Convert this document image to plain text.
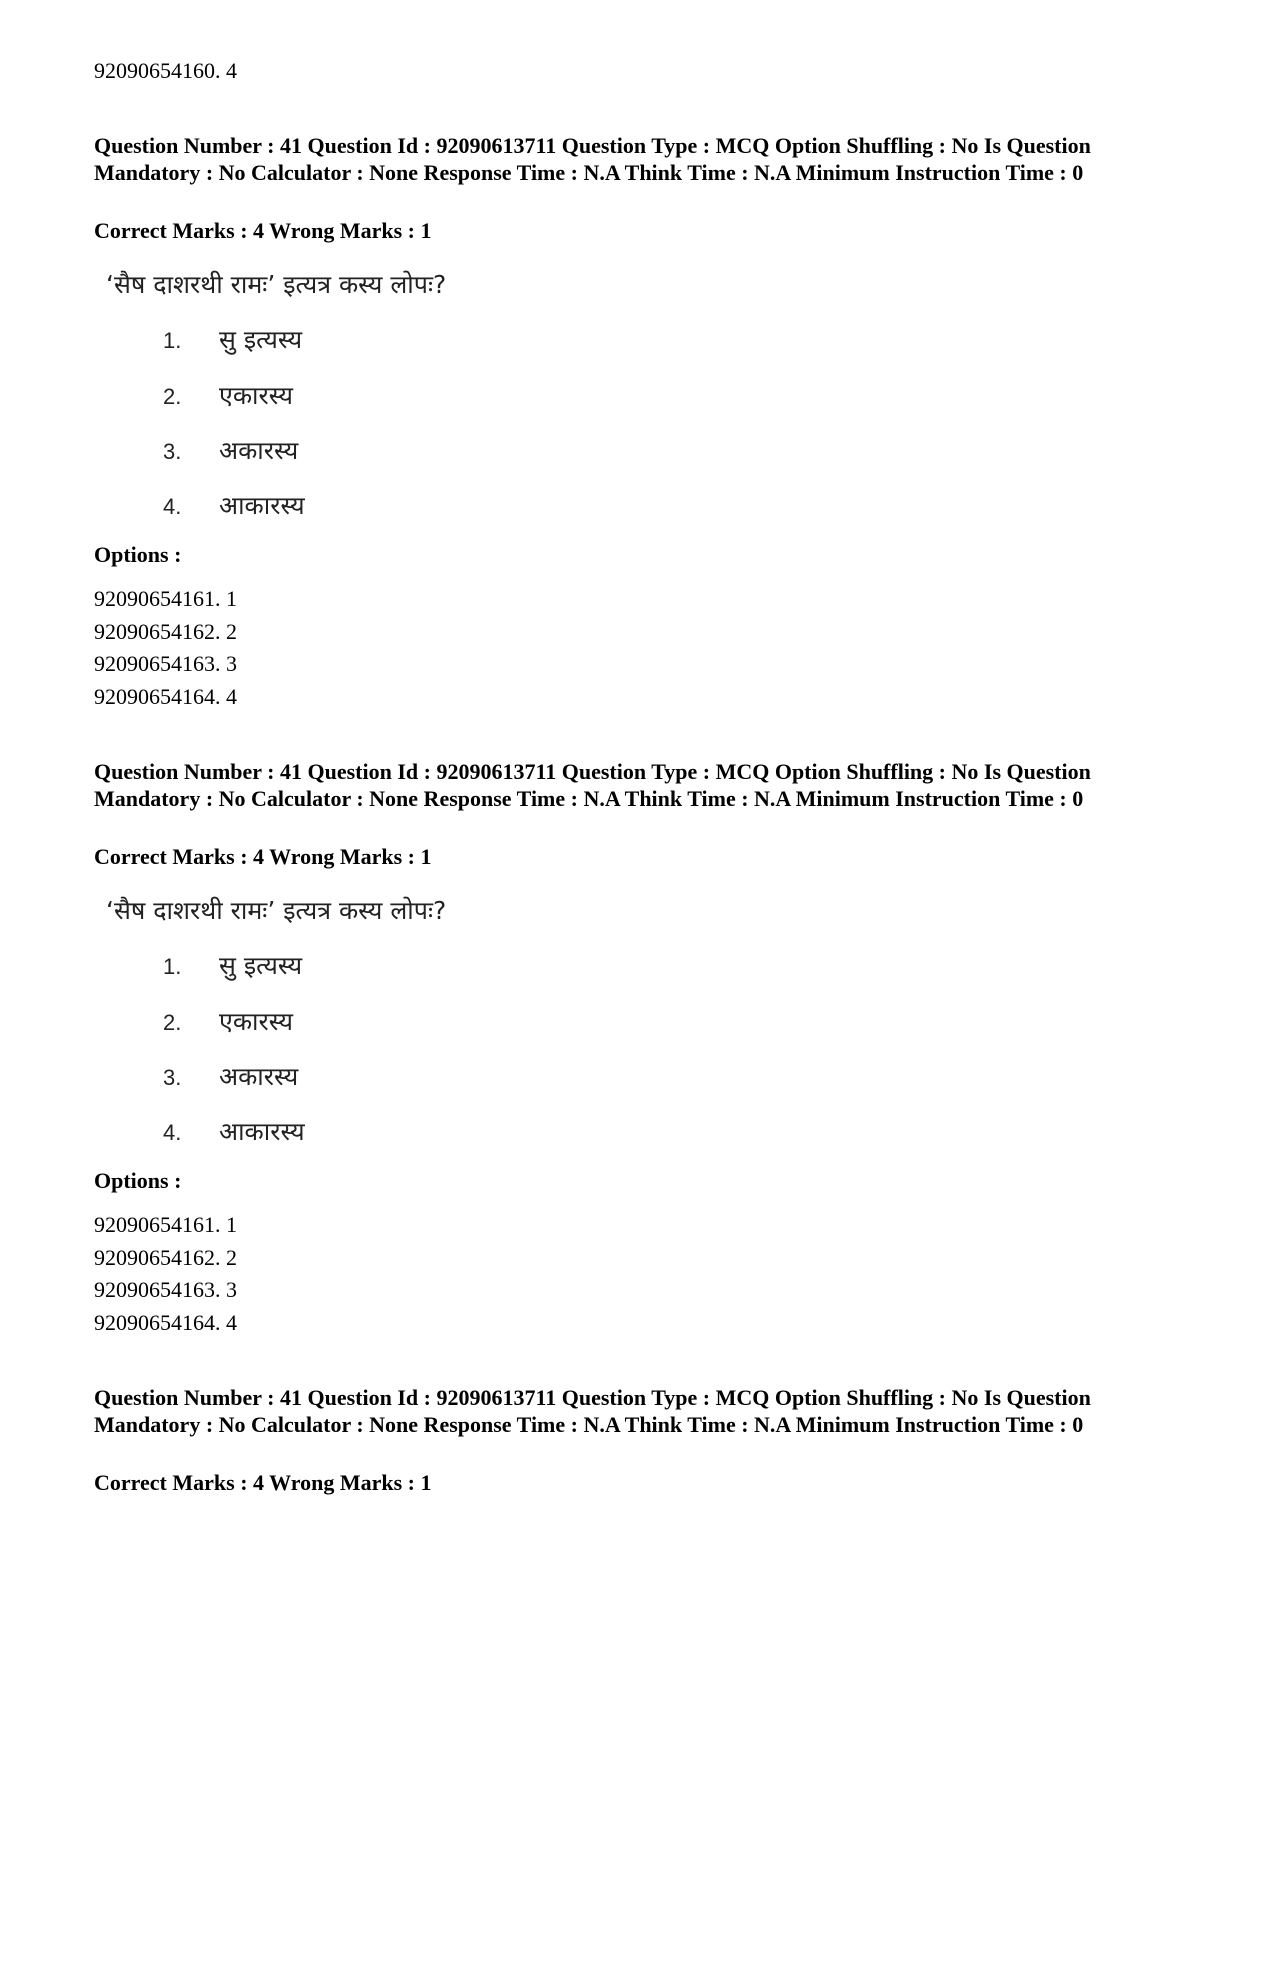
92090654160. 4
Question Number : 41 Question Id : 92090613711 Question Type : MCQ Option Shuffling : No Is Question Mandatory : No Calculator : None Response Time : N.A Think Time : N.A Minimum Instruction Time : 0
Correct Marks : 4 Wrong Marks : 1
‘सैष दाशरथी रामः’ इत्यत्र कस्य लोपः?
1. सु इत्यस्य
2. एकारस्य
3. अकारस्य
4. आकारस्य
Options :
92090654161. 1
92090654162. 2
92090654163. 3
92090654164. 4
Question Number : 41 Question Id : 92090613711 Question Type : MCQ Option Shuffling : No Is Question Mandatory : No Calculator : None Response Time : N.A Think Time : N.A Minimum Instruction Time : 0
Correct Marks : 4 Wrong Marks : 1
‘सैष दाशरथी रामः’ इत्यत्र कस्य लोपः?
1. सु इत्यस्य
2. एकारस्य
3. अकारस्य
4. आकारस्य
Options :
92090654161. 1
92090654162. 2
92090654163. 3
92090654164. 4
Question Number : 41 Question Id : 92090613711 Question Type : MCQ Option Shuffling : No Is Question Mandatory : No Calculator : None Response Time : N.A Think Time : N.A Minimum Instruction Time : 0
Correct Marks : 4 Wrong Marks : 1
